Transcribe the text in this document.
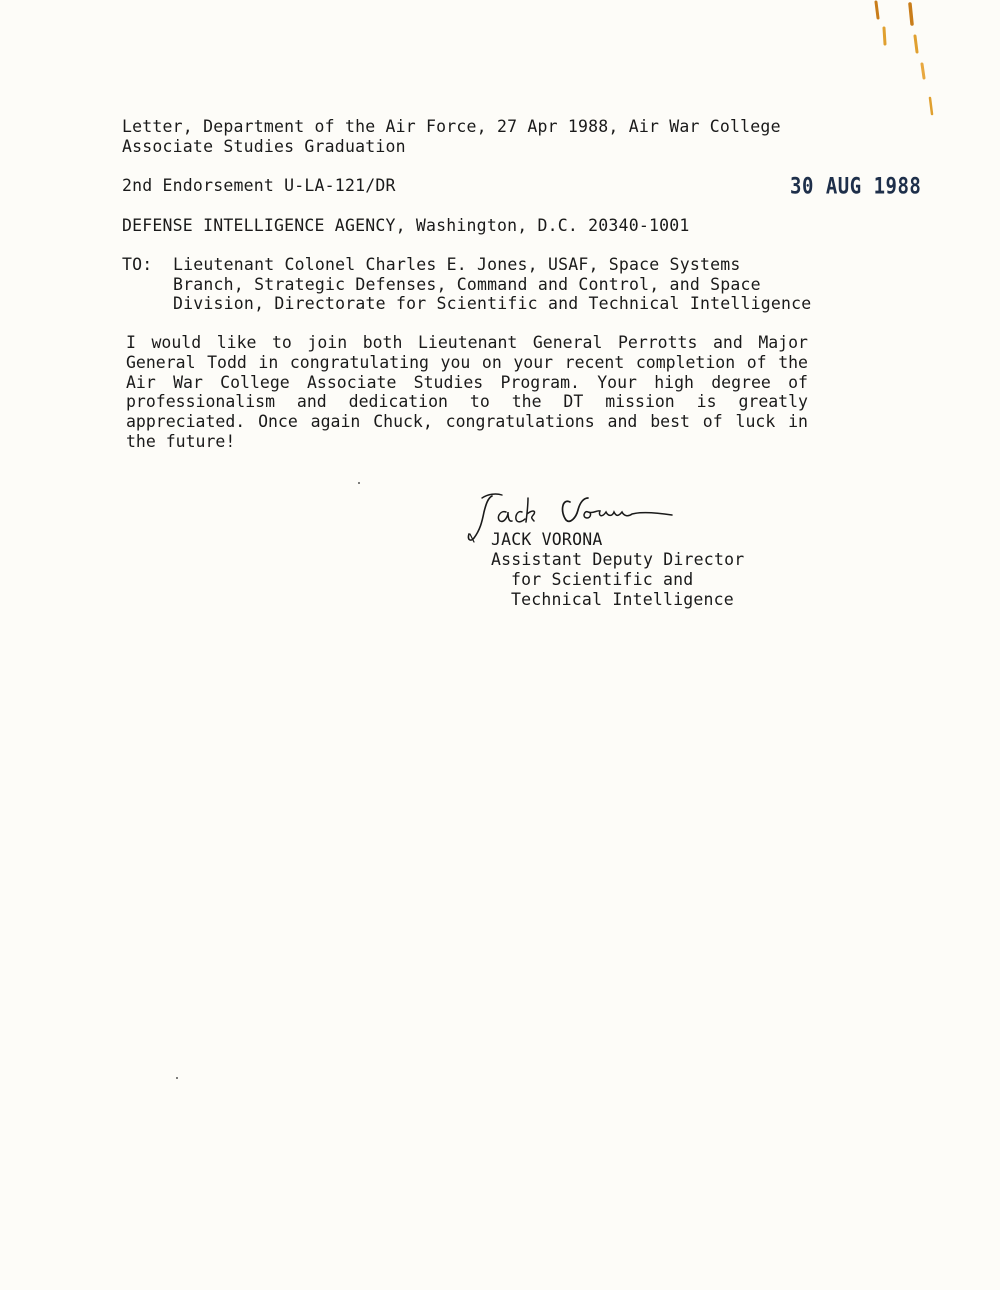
Letter, Department of the Air Force, 27 Apr 1988, Air War College
Associate Studies Graduation
2nd Endorsement U-LA-121/DR	30 AUG 1988
DEFENSE INTELLIGENCE AGENCY, Washington, D.C. 20340-1001
TO: Lieutenant Colonel Charles E. Jones, USAF, Space Systems
Branch, Strategic Defenses, Command and Control, and Space
Division, Directorate for Scientific and Technical Intelligence
I would like to join both Lieutenant General Perrotts and Major General Todd in congratulating you on your recent completion of the Air War College Associate Studies Program. Your high degree of professionalism and dedication to the DT mission is greatly appreciated. Once again Chuck, congratulations and best of luck in the future!
JACK VORONA
Assistant Deputy Director
for Scientific and
Technical Intelligence
